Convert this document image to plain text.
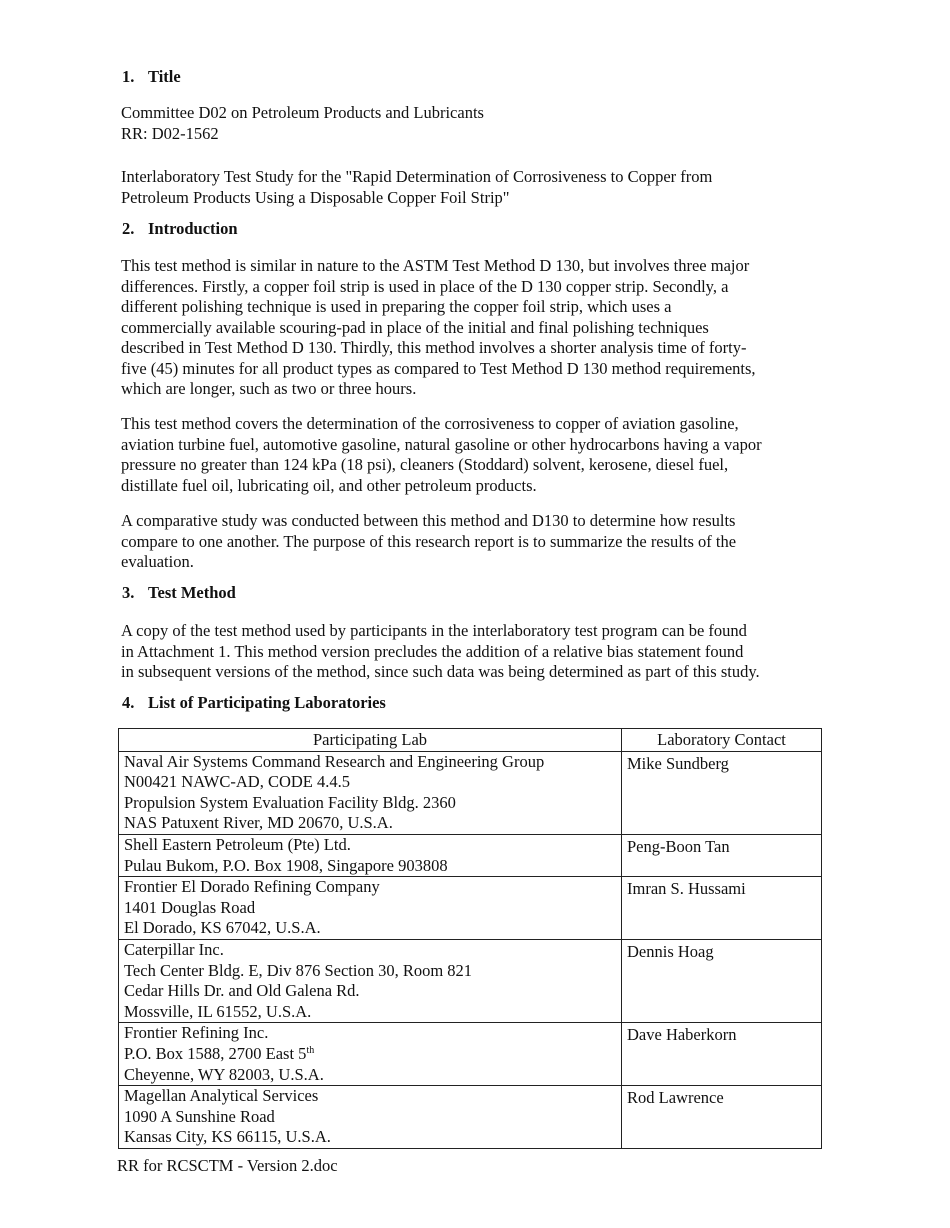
1. Title

Committee D02 on Petroleum Products and Lubricants
RR: D02-1562

Interlaboratory Test Study for the "Rapid Determination of Corrosiveness to Copper from
Petroleum Products Using a Disposable Copper Foil Strip"

2. Introduction

This test method is similar in nature to the ASTM Test Method D 130, but involves three major
differences. Firstly, a copper foil strip is used in place of the D 130 copper strip. Secondly, a
different polishing technique is used in preparing the copper foil strip, which uses a
commercially available scouring-pad in place of the initial and final polishing techniques
described in Test Method D 130. Thirdly, this method involves a shorter analysis time of forty-
five (45) minutes for all product types as compared to Test Method D 130 method requirements,
which are longer, such as two or three hours.

This test method covers the determination of the corrosiveness to copper of aviation gasoline,
aviation turbine fuel, automotive gasoline, natural gasoline or other hydrocarbons having a vapor
pressure no greater than 124 kPa (18 psi), cleaners (Stoddard) solvent, kerosene, diesel fuel,
distillate fuel oil, lubricating oil, and other petroleum products.

A comparative study was conducted between this method and D130 to determine how results
compare to one another. The purpose of this research report is to summarize the results of the
evaluation.

3. Test Method

A copy of the test method used by participants in the interlaboratory test program can be found
in Attachment 1. This method version precludes the addition of a relative bias statement found
in subsequent versions of the method, since such data was being determined as part of this study.

4. List of Participating Laboratories
Participating Lab	Laboratory Contact

Naval Air Systems Command Research and Engineering Group
N00421 NAWC-AD, CODE 4.4.5
Propulsion System Evaluation Facility Bldg. 2360
NAS Patuxent River, MD 20670, U.S.A.	Mike Sundberg

Shell Eastern Petroleum (Pte) Ltd.
Pulau Bukom, P.O. Box 1908, Singapore 903808	Peng-Boon Tan

Frontier El Dorado Refining Company
1401 Douglas Road
El Dorado, KS 67042, U.S.A.	Imran S. Hussami

Caterpillar Inc.
Tech Center Bldg. E, Div 876 Section 30, Room 821
Cedar Hills Dr. and Old Galena Rd.
Mossville, IL 61552, U.S.A.	Dennis Hoag

Frontier Refining Inc.
P.O. Box 1588, 2700 East 5th
Cheyenne, WY 82003, U.S.A.	Dave Haberkorn

Magellan Analytical Services
1090 A Sunshine Road
Kansas City, KS 66115, U.S.A.	Rod Lawrence

RR for RCSCTM - Version 2.doc
